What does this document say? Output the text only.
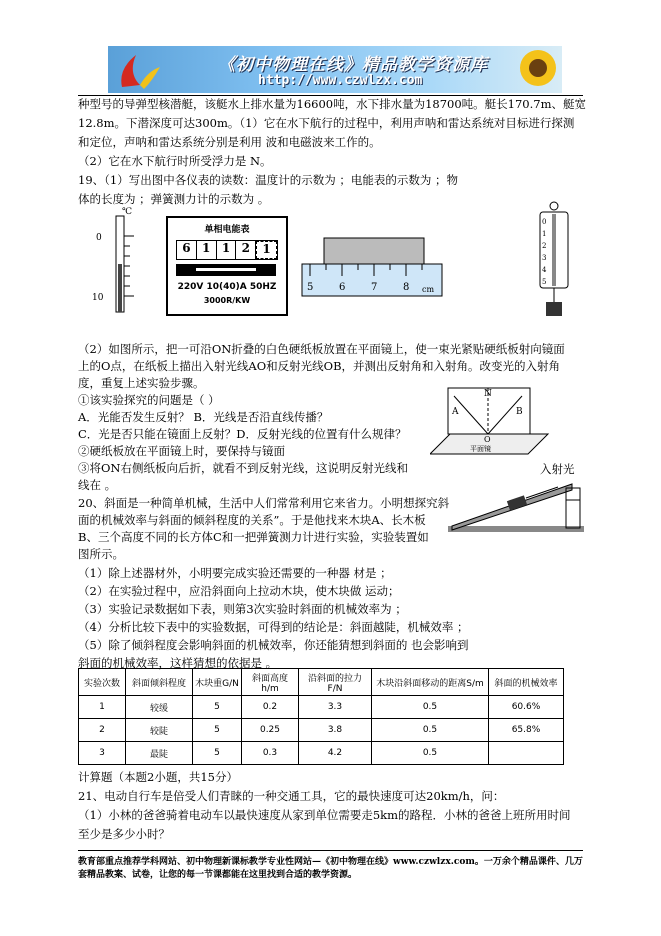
《初中物理在线》精品教学资源库
http://www.czwlzx.com
种型号的导弹型核潜艇，该艇水上排水量为16600吨，水下排水量为18700吨。艇长170.7m、艇宽
12.8m。下潜深度可达300m。（1）它在水下航行的过程中，利用声呐和雷达系统对目标进行探测
和定位，声呐和雷达系统分别是利用 波和电磁波来工作的。
（2）它在水下航行时所受浮力是 N。
19、（1）写出图中各仪表的读数：温度计的示数为 ；电能表的示数为 ；物
体的长度为 ；弹簧测力计的示数为 。
℃
0
10
单相电能表
6 1 1 2	1
220V 10(40)A 50HZ
3000R/KW
5	6	7	8 cm
0
1
2
3
4
5
（2）如图所示，把一可沿ON折叠的白色硬纸板放置在平面镜上，使一束光紧贴硬纸板射向镜面
上的O点，在纸板上描出入射光线AO和反射光线OB，并测出反射角和入射角。改变光的入射角
度，重复上述实验步骤。
①该实验探究的问题是（ ）
A．光能否发生反射？ B．光线是否沿直线传播？
C．光是否只能在镜面上反射？D．反射光线的位置有什么规律？
②硬纸板放在平面镜上时，要保持与镜面
③将ON右侧纸板向后折，就看不到反射光线，这说明反射光线和
线在 。
入射光
N
A	B
O
平面镜
20、斜面是一种简单机械，生活中人们常常利用它来省力。小明想探究斜
面的机械效率与斜面的倾斜程度的关系”。于是他找来木块A、长木板
B、三个高度不同的长方体C和一把弹簧测力计进行实验，实验装置如
图所示。
（1）除上述器材外，小明要完成实验还需要的一种器 材是 ；
（2）在实验过程中，应沿斜面向上拉动木块，使木块做 运动；
（3）实验记录数据如下表，则第3次实验时斜面的机械效率为 ；
（4）分析比较下表中的实验数据，可得到的结论是：斜面越陡，机械效率 ；
（5）除了倾斜程度会影响斜面的机械效率，你还能猜想到斜面的 也会影响到
斜面的机械效率，这样猜想的依据是 。
实验次数	斜面倾斜程度	木块重G/N	斜面高度h/m	沿斜面的拉力F/N	木块沿斜面移动的距离S/m	斜面的机械效率
1	较缓	5	0.2	3.3	0.5	60.6%
2	较陡	5	0.25	3.8	0.5	65.8%
3	最陡	5	0.3	4.2	0.5	
计算题（本题2小题，共15分）
21、电动自行车是倍受人们青睐的一种交通工具，它的最快速度可达20km/h，问：
（1）小林的爸爸骑着电动车以最快速度从家到单位需要走5km的路程．小林的爸爸上班所用时间
至少是多少小时？
教育部重点推荐学科网站、初中物理新课标教学专业性网站—《初中物理在线》www.czwlzx.com。一万余个精品课件、几万套精品教案、试卷，让您的每一节课都能在这里找到合适的教学资源。
